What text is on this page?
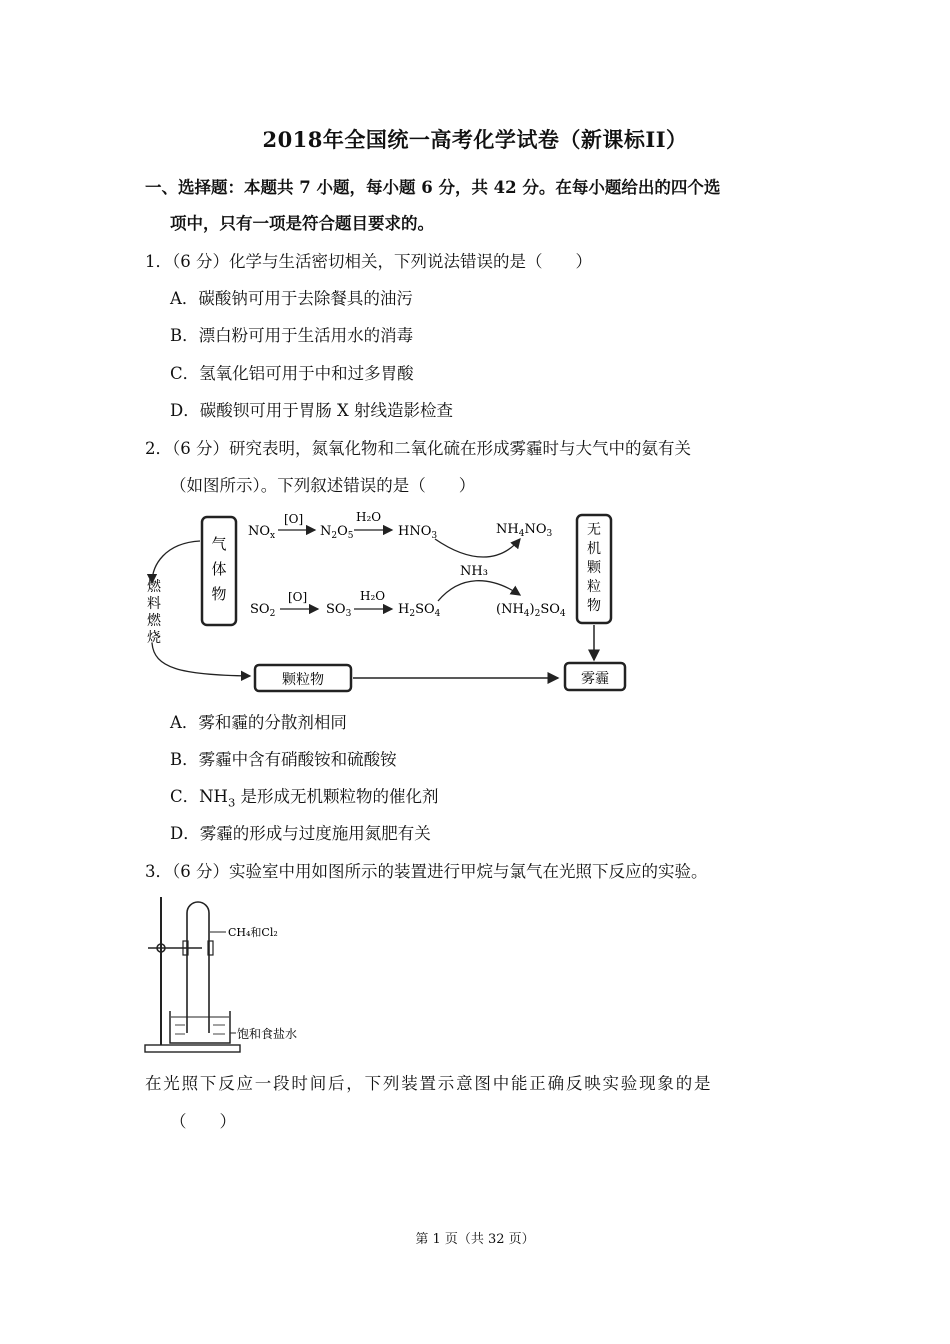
2018年全国统一高考化学试卷（新课标II）
一、选择题：本题共 7 小题，每小题 6 分，共 42 分。在每小题给出的四个选
项中，只有一项是符合题目要求的。
1．（6 分）化学与生活密切相关，下列说法错误的是（　　）
A．碳酸钠可用于去除餐具的油污
B．漂白粉可用于生活用水的消毒
C．氢氧化铝可用于中和过多胃酸
D．碳酸钡可用于胃肠 X 射线造影检查
2．（6 分）研究表明，氮氧化物和二氧化硫在形成雾霾时与大气中的氨有关
（如图所示）。下列叙述错误的是（　　）
气体物
燃料燃烧
$NO_x$
[O]
$N_2O_5$
H₂O
$HNO_3$	$NH_4NO_3$
NH₃
$SO_2$
[O]
$SO_3$
H₂O
$H_2SO_4$	$(NH_4)_2SO_4$
无机颗粒物
颗粒物	雾霾
A．雾和霾的分散剂相同
B．雾霾中含有硝酸铵和硫酸铵
C．$NH_3$ 是形成无机颗粒物的催化剂
D．雾霾的形成与过度施用氮肥有关
3．（6 分）实验室中用如图所示的装置进行甲烷与氯气在光照下反应的实验。
CH₄和Cl₂
饱和食盐水
在光照下反应一段时间后，下列装置示意图中能正确反映实验现象的是
（　　）
第 1 页（共 32 页）
